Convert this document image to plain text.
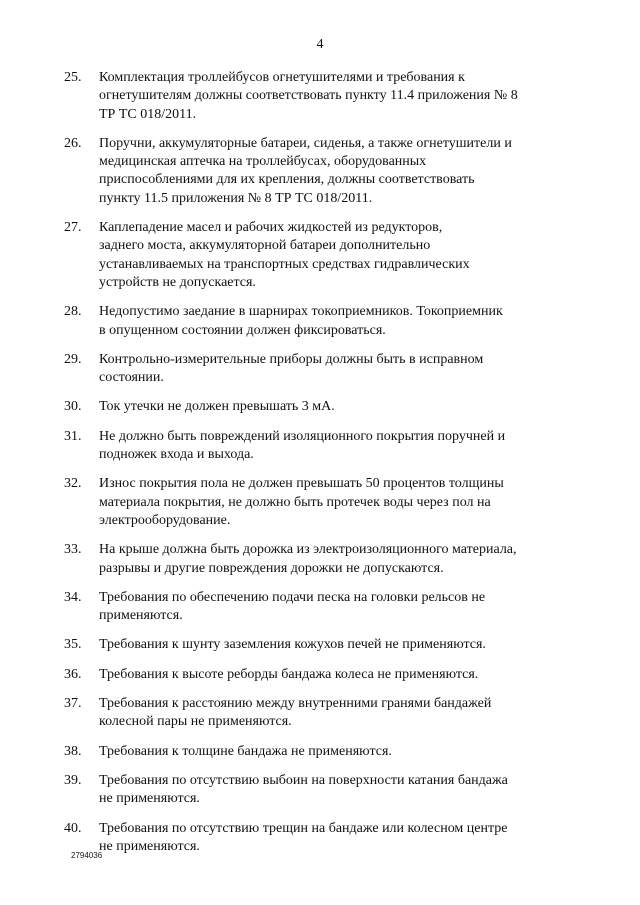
4
25.	Комплектация троллейбусов огнетушителями и требования к
огнетушителям должны соответствовать пункту 11.4 приложения № 8
ТР ТС 018/2011.
26.	Поручни, аккумуляторные батареи, сиденья, а также огнетушители и
медицинская аптечка на троллейбусах, оборудованных
приспособлениями для их крепления, должны соответствовать
пункту 11.5 приложения № 8 ТР ТС 018/2011.
27.	Каплепадение масел и рабочих жидкостей из редукторов,
заднего моста, аккумуляторной батареи дополнительно
устанавливаемых на транспортных средствах гидравлических
устройств не допускается.
28.	Недопустимо заедание в шарнирах токоприемников. Токоприемник
в опущенном состоянии должен фиксироваться.
29.	Контрольно-измерительные приборы должны быть в исправном
состоянии.
30.	Ток утечки не должен превышать 3 мА.
31.	Не должно быть повреждений изоляционного покрытия поручней и
подножек входа и выхода.
32.	Износ покрытия пола не должен превышать 50 процентов толщины
материала покрытия, не должно быть протечек воды через пол на
электрооборудование.
33.	На крыше должна быть дорожка из электроизоляционного материала,
разрывы и другие повреждения дорожки не допускаются.
34.	Требования по обеспечению подачи песка на головки рельсов не
применяются.
35.	Требования к шунту заземления кожухов печей не применяются.
36.	Требования к высоте реборды бандажа колеса не применяются.
37.	Требования к расстоянию между внутренними гранями бандажей
колесной пары не применяются.
38.	Требования к толщине бандажа не применяются.
39.	Требования по отсутствию выбоин на поверхности катания бандажа
не применяются.
40.	Требования по отсутствию трещин на бандаже или колесном центре
не применяются.
2794036
